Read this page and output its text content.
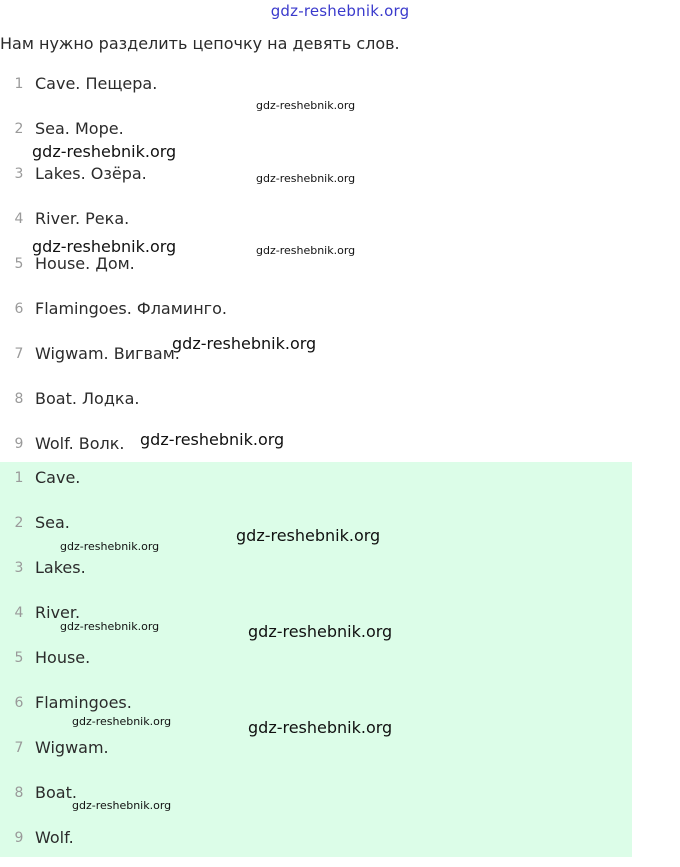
gdz-reshebnik.org
Нам нужно разделить цепочку на девять слов.
1 Cave. Пещера.
2 Sea. Море.
3 Lakes. Озёра.
4 River. Река.
5 House. Дом.
6 Flamingoes. Фламинго.
7 Wigwam. Вигвам.
8 Boat. Лодка.
9 Wolf. Волк.
1 Cave.
2 Sea.
3 Lakes.
4 River.
5 House.
6 Flamingoes.
7 Wigwam.
8 Boat.
9 Wolf.
gdz-reshebnik.org
gdz-reshebnik.org
gdz-reshebnik.org
gdz-reshebnik.org	gdz-reshebnik.org
gdz-reshebnik.org
gdz-reshebnik.org
gdz-reshebnik.org
gdz-reshebnik.org
gdz-reshebnik.org	gdz-reshebnik.org
gdz-reshebnik.org	gdz-reshebnik.org
gdz-reshebnik.org
